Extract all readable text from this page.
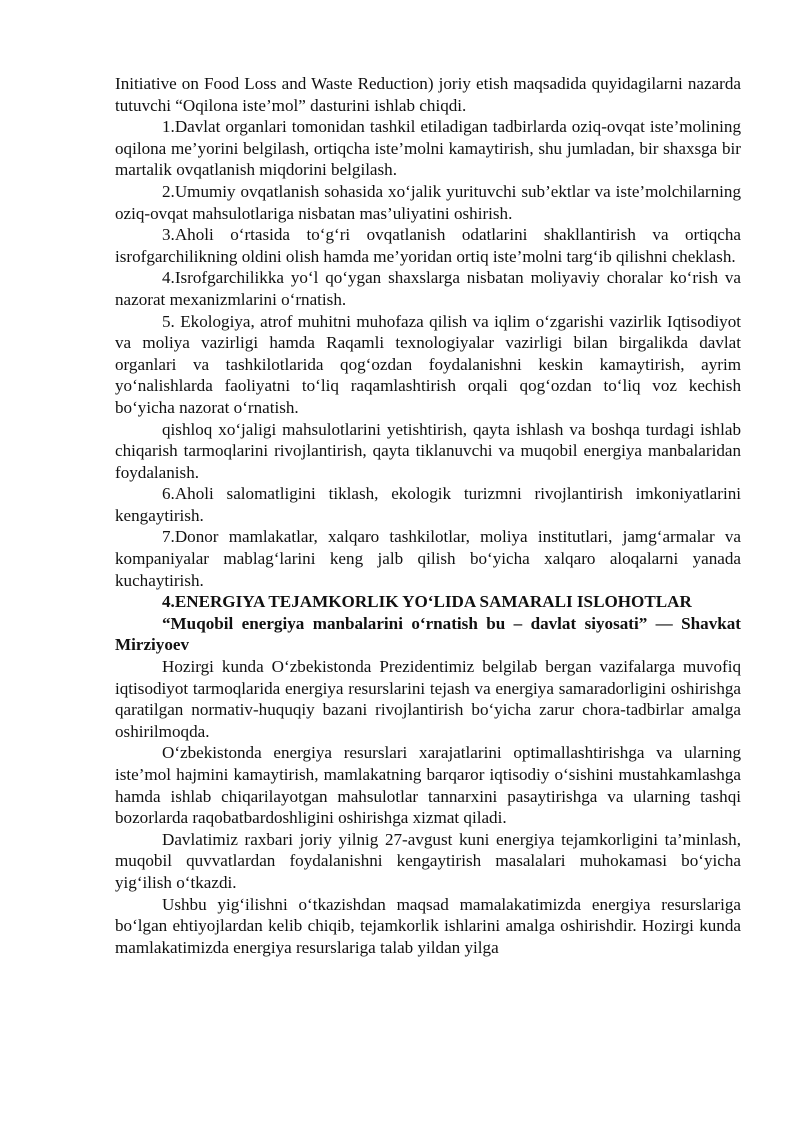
Initiative on Food Loss and Waste Reduction) joriy etish maqsadida quyidagilarni nazarda tutuvchi “Oqilona iste’mol” dasturini ishlab chiqdi.

1.Davlat organlari tomonidan tashkil etiladigan tadbirlarda oziq-ovqat iste’molining oqilona me’yorini belgilash, ortiqcha iste’molni kamaytirish, shu jumladan, bir shaxsga bir martalik ovqatlanish miqdorini belgilash.

2.Umumiy ovqatlanish sohasida xo‘jalik yurituvchi sub’ektlar va iste’molchilarning oziq-ovqat mahsulotlariga nisbatan mas’uliyatini oshirish.

3.Aholi o‘rtasida to‘g‘ri ovqatlanish odatlarini shakllantirish va ortiqcha isrofgarchilikning oldini olish hamda me’yoridan ortiq iste’molni targ‘ib qilishni cheklash.

4.Isrofgarchilikka yo‘l qo‘ygan shaxslarga nisbatan moliyaviy choralar ko‘rish va nazorat mexanizmlarini o‘rnatish.

5. Ekologiya, atrof muhitni muhofaza qilish va iqlim o‘zgarishi vazirlik Iqtisodiyot va moliya vazirligi hamda Raqamli texnologiyalar vazirligi bilan birgalikda davlat organlari va tashkilotlarida qog‘ozdan foydalanishni keskin kamaytirish, ayrim yo‘nalishlarda faoliyatni to‘liq raqamlashtirish orqali qog‘ozdan to‘liq voz kechish bo‘yicha nazorat o‘rnatish.

qishloq xo‘jaligi mahsulotlarini yetishtirish, qayta ishlash va boshqa turdagi ishlab chiqarish tarmoqlarini rivojlantirish, qayta tiklanuvchi va muqobil energiya manbalaridan foydalanish.

6.Aholi salomatligini tiklash, ekologik turizmni rivojlantirish imkoniyatlarini kengaytirish.

7.Donor mamlakatlar, xalqaro tashkilotlar, moliya institutlari, jamg‘armalar va kompaniyalar mablag‘larini keng jalb qilish bo‘yicha xalqaro aloqalarni yanada kuchaytirish.

4.ENERGIYA TEJAMKORLIK YO‘LIDA SAMARALI ISLOHOTLAR

“Muqobil energiya manbalarini o‘rnatish bu – davlat siyosati” — Shavkat Mirziyoev

Hozirgi kunda O‘zbekistonda Prezidentimiz belgilab bergan vazifalarga muvofiq iqtisodiyot tarmoqlarida energiya resurslarini tejash va energiya samaradorligini oshirishga qaratilgan normativ-huquqiy bazani rivojlantirish bo‘yicha zarur chora-tadbirlar amalga oshirilmoqda.

O‘zbekistonda energiya resurslari xarajatlarini optimallashtirishga va ularning iste’mol hajmini kamaytirish, mamlakatning barqaror iqtisodiy o‘sishini mustahkamlashga hamda ishlab chiqarilayotgan mahsulotlar tannarxini pasaytirishga va ularning tashqi bozorlarda raqobatbardoshligini oshirishga xizmat qiladi.

Davlatimiz raxbari joriy yilnig 27-avgust kuni energiya tejamkorligini ta’minlash, muqobil quvvatlardan foydalanishni kengaytirish masalalari muhokamasi bo‘yicha yig‘ilish o‘tkazdi.

Ushbu yig‘ilishni o‘tkazishdan maqsad mamalakatimizda energiya resurslariga bo‘lgan ehtiyojlardan kelib chiqib, tejamkorlik ishlarini amalga oshirishdir. Hozirgi kunda mamlakatimizda energiya resurslariga talab yildan yilga
